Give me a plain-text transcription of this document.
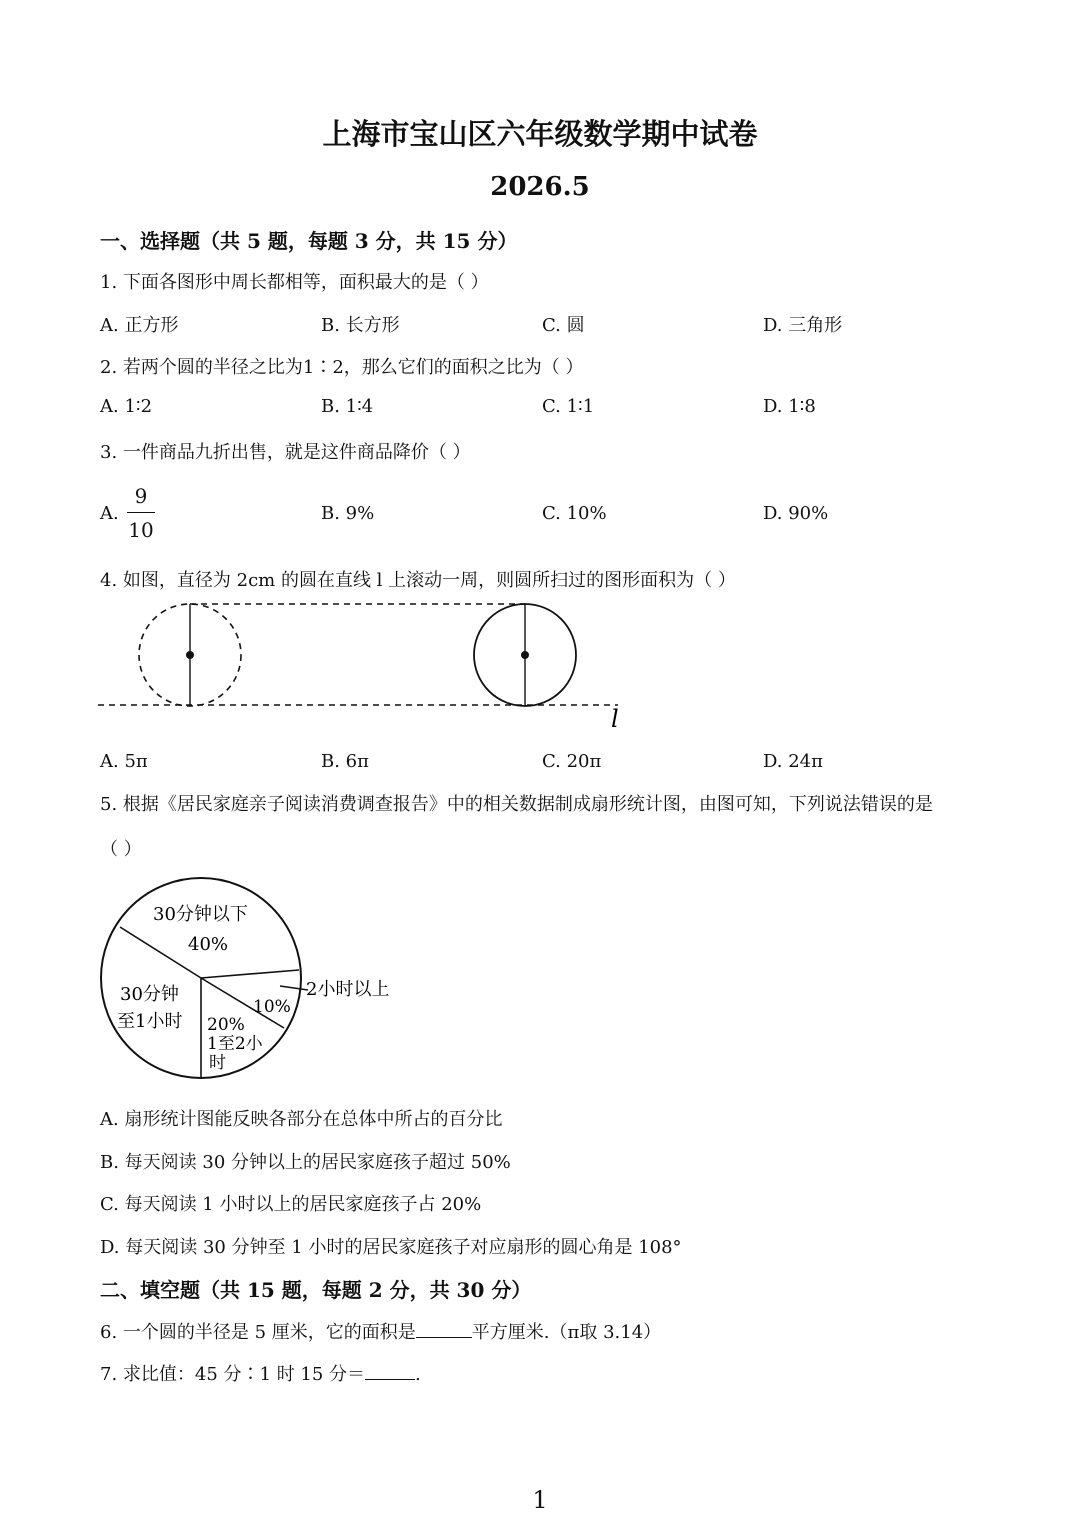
上海市宝山区六年级数学期中试卷
2026.5
一、选择题（共 5 题，每题 3 分，共 15 分）
1. 下面各图形中周长都相等，面积最大的是（ ）
A. 正方形	B. 长方形	C. 圆	D. 三角形
2. 若两个圆的半径之比为1∶2，那么它们的面积之比为（ ）
A. 1∶2	B. 1∶4	C. 1∶1	D. 1∶8
3. 一件商品九折出售，就是这件商品降价（ ）
A.
9
10
B. 9%	C. 10%	D. 90%
4. 如图，直径为 2cm 的圆在直线 l 上滚动一周，则圆所扫过的图形面积为（ ）
l
A. 5π	B. 6π	C. 20π	D. 24π
5. 根据《居民家庭亲子阅读消费调查报告》中的相关数据制成扇形统计图，由图可知，下列说法错误的是
（ ）
30分钟以下
40%
2小时以上
10%
20%
1至2小
时
30分钟
至1小时
A. 扇形统计图能反映各部分在总体中所占的百分比
B. 每天阅读 30 分钟以上的居民家庭孩子超过 50%
C. 每天阅读 1 小时以上的居民家庭孩子占 20%
D. 每天阅读 30 分钟至 1 小时的居民家庭孩子对应扇形的圆心角是 108°
二、填空题（共 15 题，每题 2 分，共 30 分）
6. 一个圆的半径是 5 厘米，它的面积是	平方厘米.（π取 3.14）
7. 求比值：45 分∶1 时 15 分＝	.
1
